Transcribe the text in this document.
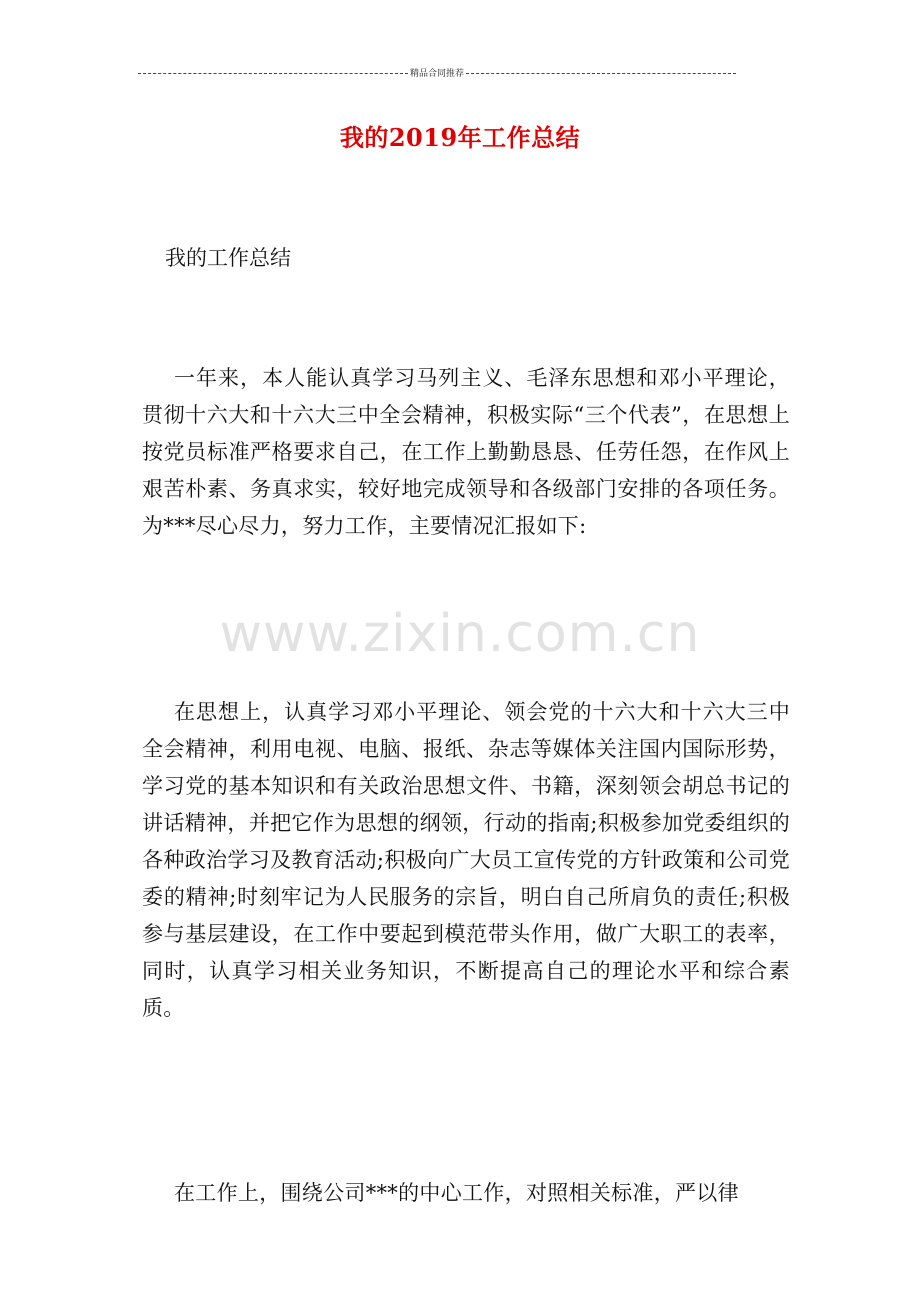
精品合同推荐
我的2019年工作总结
我的工作总结

一年来，本人能认真学习马列主义、毛泽东思想和邓小平理论，贯彻十六大和十六大三中全会精神，积极实际“三个代表”，在思想上按党员标准严格要求自己，在工作上勤勤恳恳、任劳任怨，在作风上艰苦朴素、务真求实，较好地完成领导和各级部门安排的各项任务。为***尽心尽力，努力工作，主要情况汇报如下:

www.zixin.com.cn

在思想上，认真学习邓小平理论、领会党的十六大和十六大三中全会精神，利用电视、电脑、报纸、杂志等媒体关注国内国际形势，学习党的基本知识和有关政治思想文件、书籍，深刻领会胡总书记的讲话精神，并把它作为思想的纲领，行动的指南;积极参加党委组织的各种政治学习及教育活动;积极向广大员工宣传党的方针政策和公司党委的精神;时刻牢记为人民服务的宗旨，明白自己所肩负的责任;积极参与基层建设，在工作中要起到模范带头作用，做广大职工的表率，同时，认真学习相关业务知识，不断提高自己的理论水平和综合素质。

在工作上，围绕公司***的中心工作，对照相关标准，严以律
